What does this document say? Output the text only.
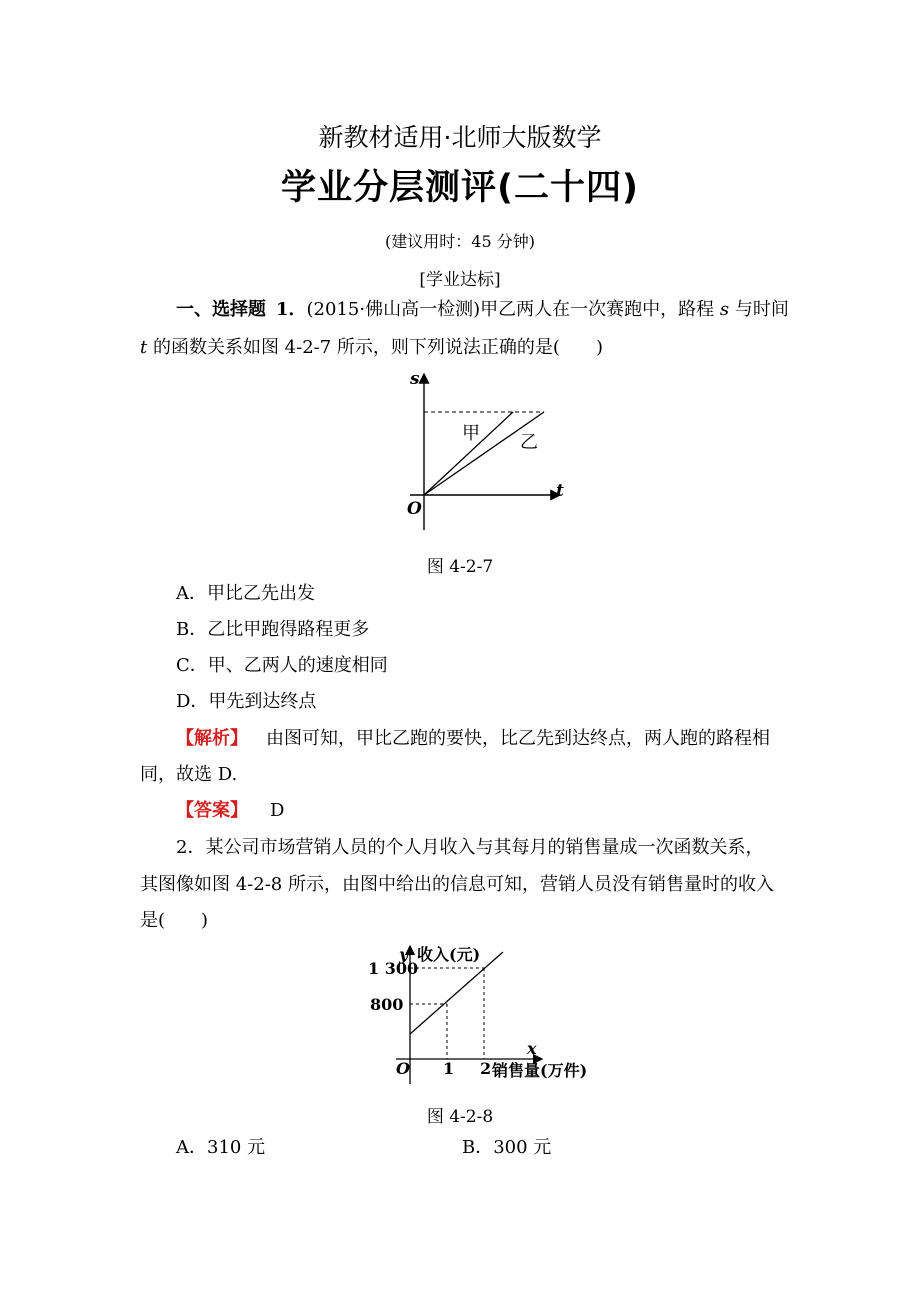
新教材适用·北师大版数学
学业分层测评(二十四)
(建议用时：45 分钟)
[学业达标]
一、选择题 1．(2015·佛山高一检测)甲乙两人在一次赛跑中，路程 s 与时间
t 的函数关系如图 4-2-7 所示，则下列说法正确的是(　　)
s
t
O
甲 乙
图 4-2-7
A．甲比乙先出发
B．乙比甲跑得路程更多
C．甲、乙两人的速度相同
D．甲先到达终点
【解析】 由图可知，甲比乙跑的要快，比乙先到达终点，两人跑的路程相
同，故选 D.
【答案】 D
2．某公司市场营销人员的个人月收入与其每月的销售量成一次函数关系，
其图像如图 4-2-8 所示，由图中给出的信息可知，营销人员没有销售量时的收入
是(　　)
y 收入(元)
1 300
800
x
O 1 2 销售量(万件)
图 4-2-8
A．310 元	B．300 元
